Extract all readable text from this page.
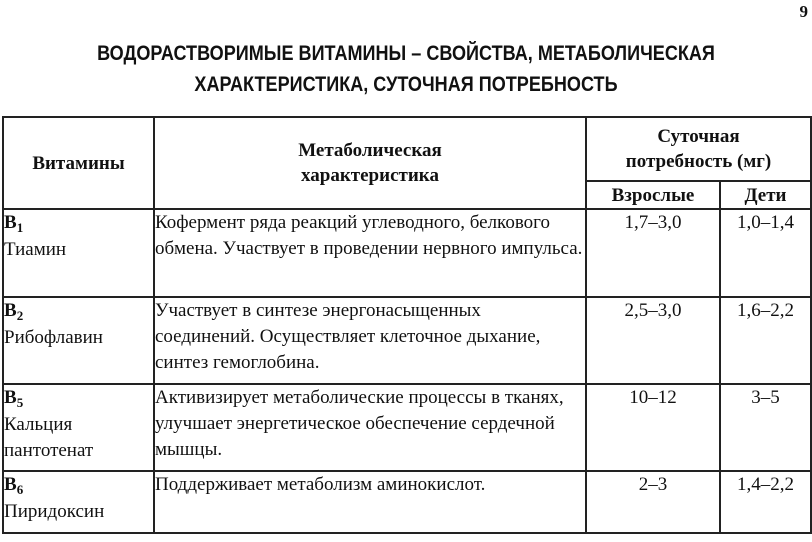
9
ВОДОРАСТВОРИМЫЕ ВИТАМИНЫ – СВОЙСТВА, МЕТАБОЛИЧЕСКАЯ
ХАРАКТЕРИСТИКА, СУТОЧНАЯ ПОТРЕБНОСТЬ
Витамины	Метаболическая характеристика	Суточная потребность (мг)	

		Взрослые	Дети

$B_1$
Тиамин	Кофермент ряда реакций углеводного, белкового обмена. Участвует в проведении нервного импульса.	1,7–3,0	1,0–1,4

$B_2$
Рибофлавин	Участвует в синтезе энергонасыщенных соединений. Осуществляет клеточное дыхание, синтез гемоглобина.	2,5–3,0	1,6–2,2

$B_5$
Кальция пантотенат	Активизирует метаболические процессы в тканях, улучшает энергетическое обеспечение сердечной мышцы.	10–12	3–5

$B_6$
Пиридоксин	Поддерживает метаболизм аминокислот.	2–3	1,4–2,2
